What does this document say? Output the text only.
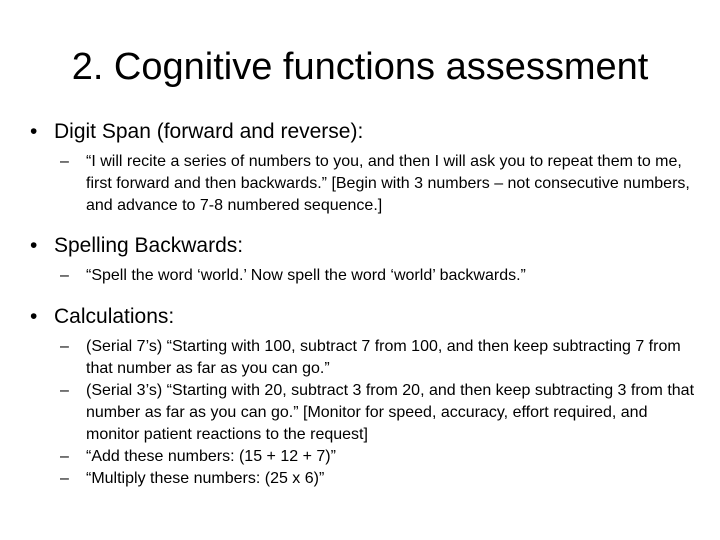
2. Cognitive functions assessment
• Digit Span (forward and reverse):
– “I will recite a series of numbers to you, and then I will ask you to repeat them to me, first forward and then backwards.” [Begin with 3 numbers – not consecutive numbers, and advance to 7-8 numbered sequence.]
• Spelling Backwards:
– “Spell the word ‘world.’ Now spell the word ‘world’ backwards.”
• Calculations:
– (Serial 7’s) “Starting with 100, subtract 7 from 100, and then keep subtracting 7 from that number as far as you can go.”
– (Serial 3’s) “Starting with 20, subtract 3 from 20, and then keep subtracting 3 from that number as far as you can go.” [Monitor for speed, accuracy, effort required, and monitor patient reactions to the request]
– “Add these numbers: (15 + 12 + 7)”
– “Multiply these numbers: (25 x 6)”
